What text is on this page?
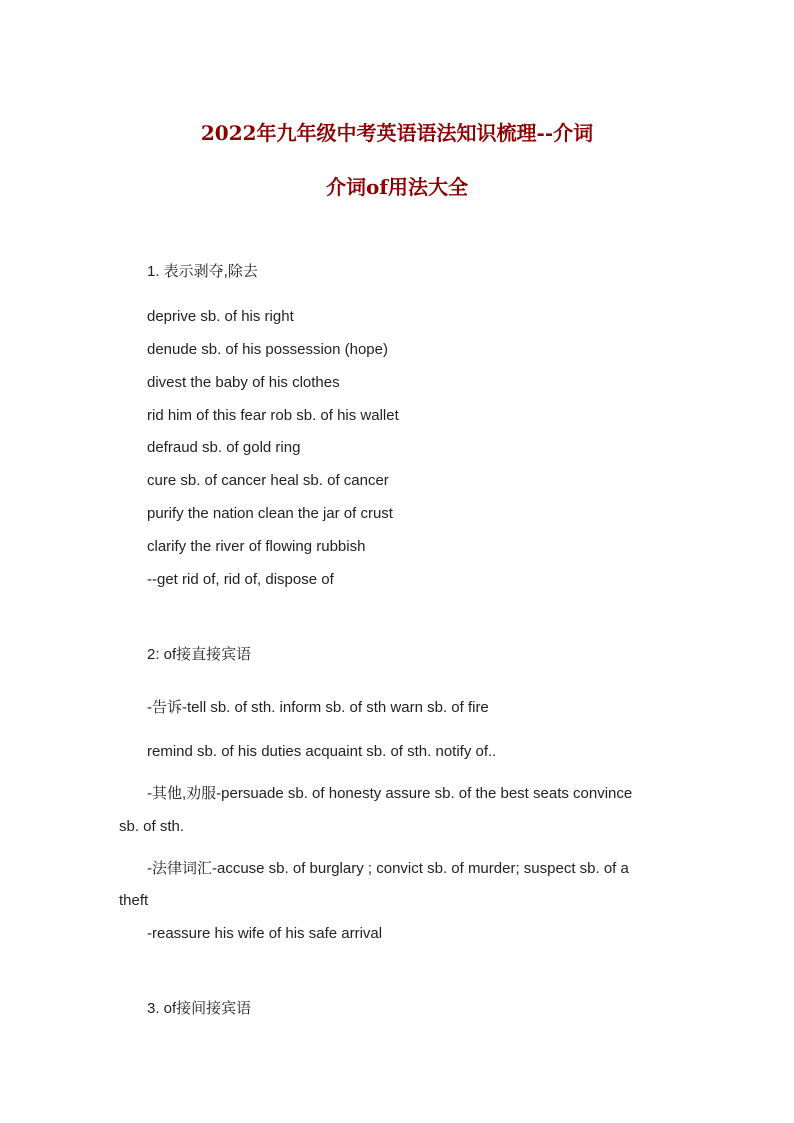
2022年九年级中考英语语法知识梳理--介词
介词of用法大全
1. 表示剥夺,除去
deprive sb. of his right
denude sb. of his possession (hope)
divest the baby of his clothes
rid him of this fear rob sb. of his wallet
defraud sb. of gold ring
cure sb. of cancer heal sb. of cancer
purify the nation clean the jar of crust
clarify the river of flowing rubbish
--get rid of, rid of, dispose of
2: of接直接宾语
-告诉-tell sb. of sth. inform sb. of sth warn sb. of fire
remind sb. of his duties acquaint sb. of sth. notify of..
-其他,劝服-persuade sb. of honesty assure sb. of the best seats convince
sb. of sth.
-法律词汇-accuse sb. of burglary ; convict sb. of murder; suspect sb. of a
theft
-reassure his wife of his safe arrival
3. of接间接宾语
